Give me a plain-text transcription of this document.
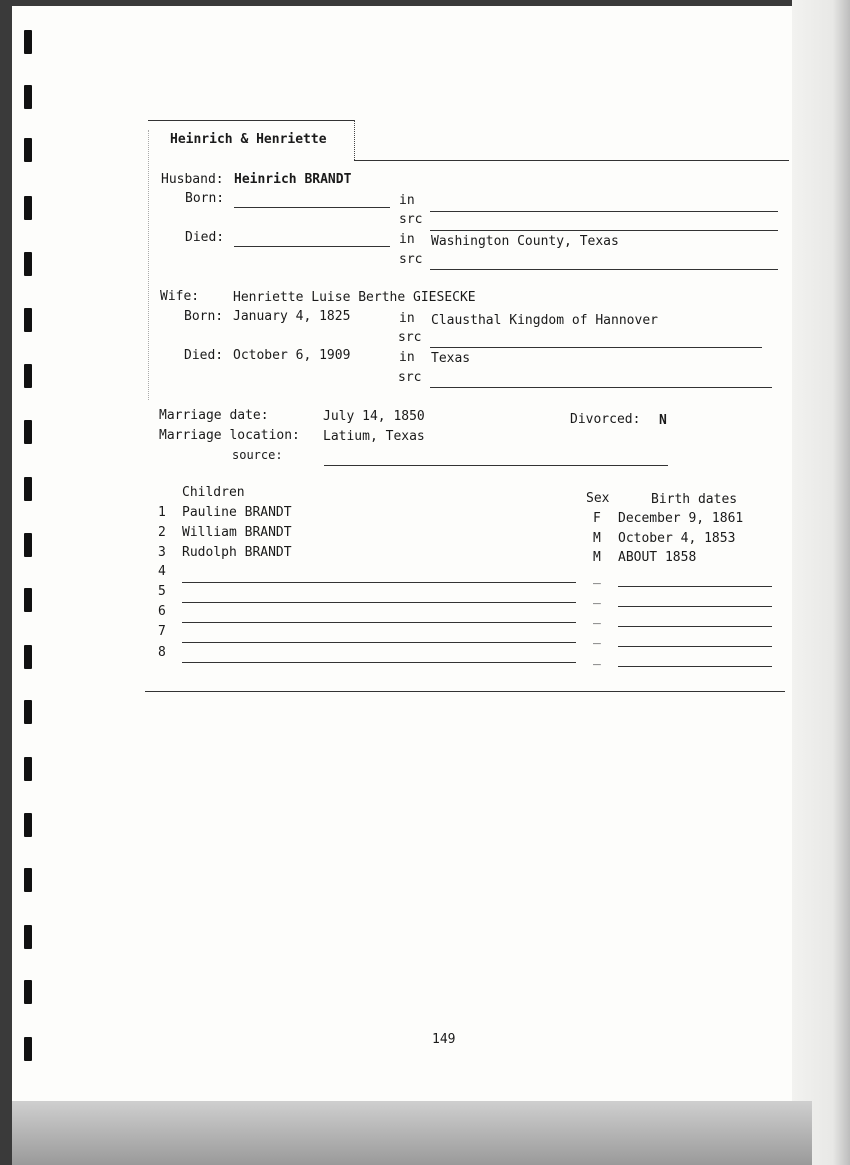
Heinrich & Henriette
Husband: Heinrich BRANDT
Born:	in
src
Died:	in Washington County, Texas
src
Wife:	Henriette Luise Berthe GIESECKE
Born: January 4, 1825	in Clausthal Kingdom of Hannover
src
Died: October 6, 1909	in Texas
src
Marriage date:	July 14, 1850	Divorced: N
Marriage location: Latium, Texas
source:
Children	Sex	Birth dates
1 Pauline BRANDT	F December 9, 1861
2 William BRANDT	M October 4, 1853
3 Rudolph BRANDT	M ABOUT 1858
4	_
5	_
6	_
7	_
8	_
149
